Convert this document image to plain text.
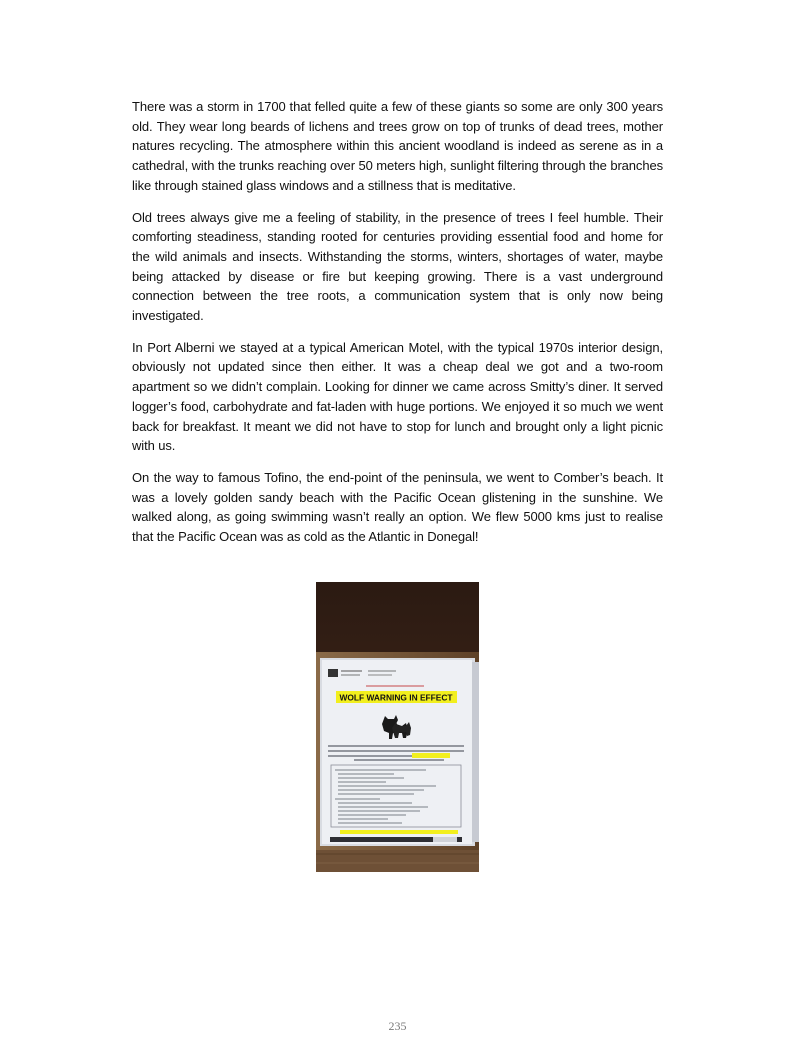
There was a storm in 1700 that felled quite a few of these giants so some are only 300 years old. They wear long beards of lichens and trees grow on top of trunks of dead trees, mother natures recycling. The atmosphere within this ancient woodland is indeed as serene as in a cathedral, with the trunks reaching over 50 meters high, sunlight filtering through the branches like through stained glass windows and a stillness that is meditative.

Old trees always give me a feeling of stability, in the presence of trees I feel humble. Their comforting steadiness, standing rooted for centuries providing essential food and home for the wild animals and insects. Withstanding the storms, winters, shortages of water, maybe being attacked by disease or fire but keeping growing. There is a vast underground connection between the tree roots, a communication system that is only now being investigated.

In Port Alberni we stayed at a typical American Motel, with the typical 1970s interior design, obviously not updated since then either. It was a cheap deal we got and a two-room apartment so we didn’t complain. Looking for dinner we came across Smitty’s diner. It served logger’s food, carbohydrate and fat-laden with huge portions. We enjoyed it so much we went back for breakfast. It meant we did not have to stop for lunch and brought only a light picnic with us.

On the way to famous Tofino, the end-point of the peninsula, we went to Comber’s beach. It was a lovely golden sandy beach with the Pacific Ocean glistening in the sunshine. We walked along, as going swimming wasn’t really an option. We flew 5000 kms just to realise that the Pacific Ocean was as cold as the Atlantic in Donegal!

WOLF WARNING IN EFFECT
235
